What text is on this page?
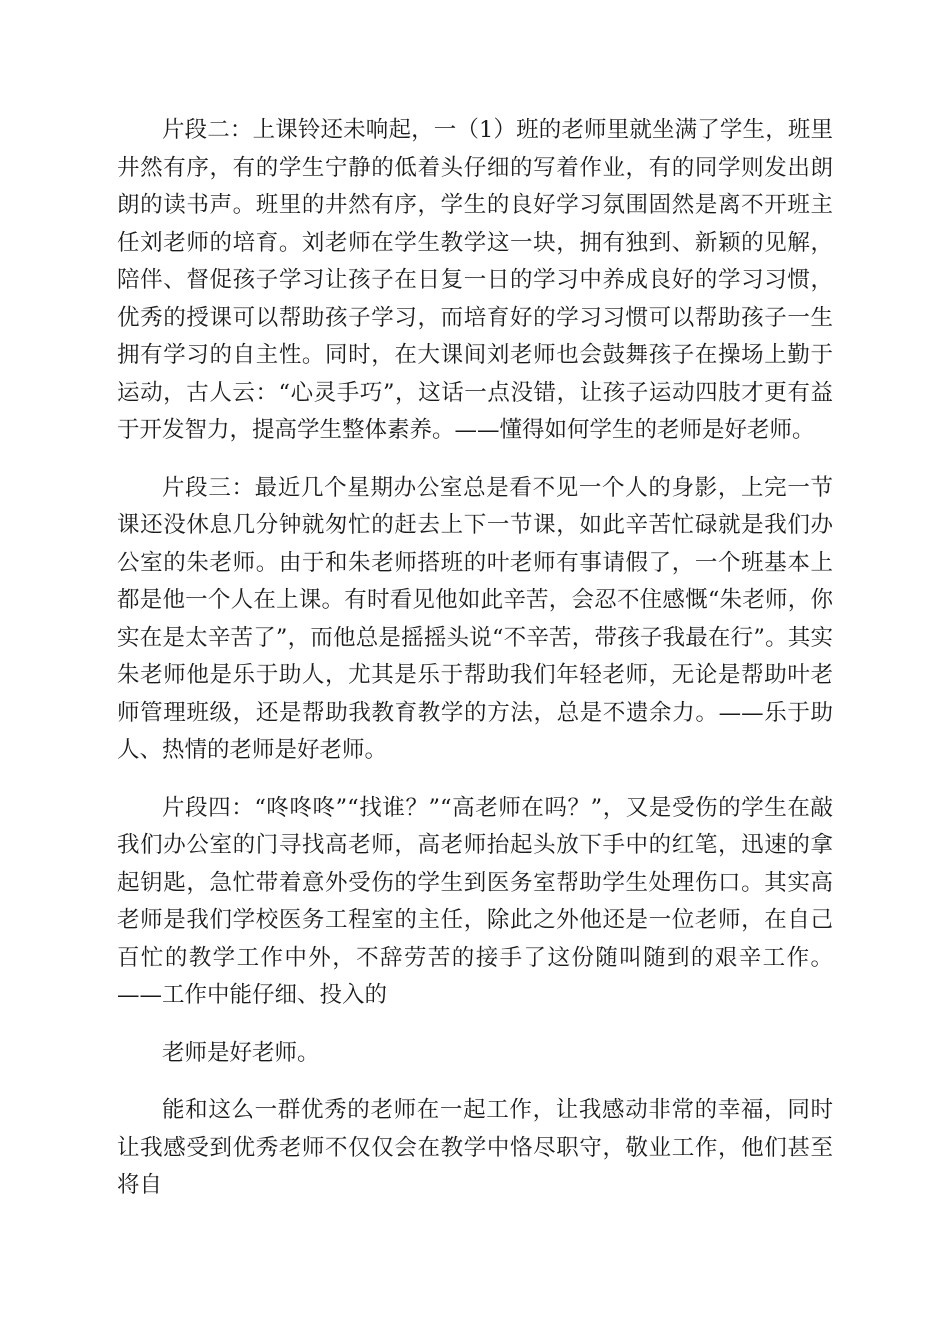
片段二：上课铃还未响起，一（1）班的老师里就坐满了学生，班里井然有序，有的学生宁静的低着头仔细的写着作业，有的同学则发出朗朗的读书声。班里的井然有序，学生的良好学习氛围固然是离不开班主任刘老师的培育。刘老师在学生教学这一块，拥有独到、新颖的见解，陪伴、督促孩子学习让孩子在日复一日的学习中养成良好的学习习惯，优秀的授课可以帮助孩子学习，而培育好的学习习惯可以帮助孩子一生拥有学习的自主性。同时，在大课间刘老师也会鼓舞孩子在操场上勤于运动，古人云：“心灵手巧”，这话一点没错，让孩子运动四肢才更有益于开发智力，提高学生整体素养。——懂得如何学生的老师是好老师。

片段三：最近几个星期办公室总是看不见一个人的身影，上完一节课还没休息几分钟就匆忙的赶去上下一节课，如此辛苦忙碌就是我们办公室的朱老师。由于和朱老师搭班的叶老师有事请假了，一个班基本上都是他一个人在上课。有时看见他如此辛苦，会忍不住感慨“朱老师，你实在是太辛苦了”，而他总是摇摇头说“不辛苦，带孩子我最在行”。其实朱老师他是乐于助人，尤其是乐于帮助我们年轻老师，无论是帮助叶老师管理班级，还是帮助我教育教学的方法，总是不遗余力。——乐于助人、热情的老师是好老师。

片段四：“咚咚咚”“找谁？”“高老师在吗？”，又是受伤的学生在敲我们办公室的门寻找高老师，高老师抬起头放下手中的红笔，迅速的拿起钥匙，急忙带着意外受伤的学生到医务室帮助学生处理伤口。其实高老师是我们学校医务工程室的主任，除此之外他还是一位老师，在自己百忙的教学工作中外，不辞劳苦的接手了这份随叫随到的艰辛工作。——工作中能仔细、投入的

老师是好老师。

能和这么一群优秀的老师在一起工作，让我感动非常的幸福，同时让我感受到优秀老师不仅仅会在教学中恪尽职守，敬业工作，他们甚至将自
